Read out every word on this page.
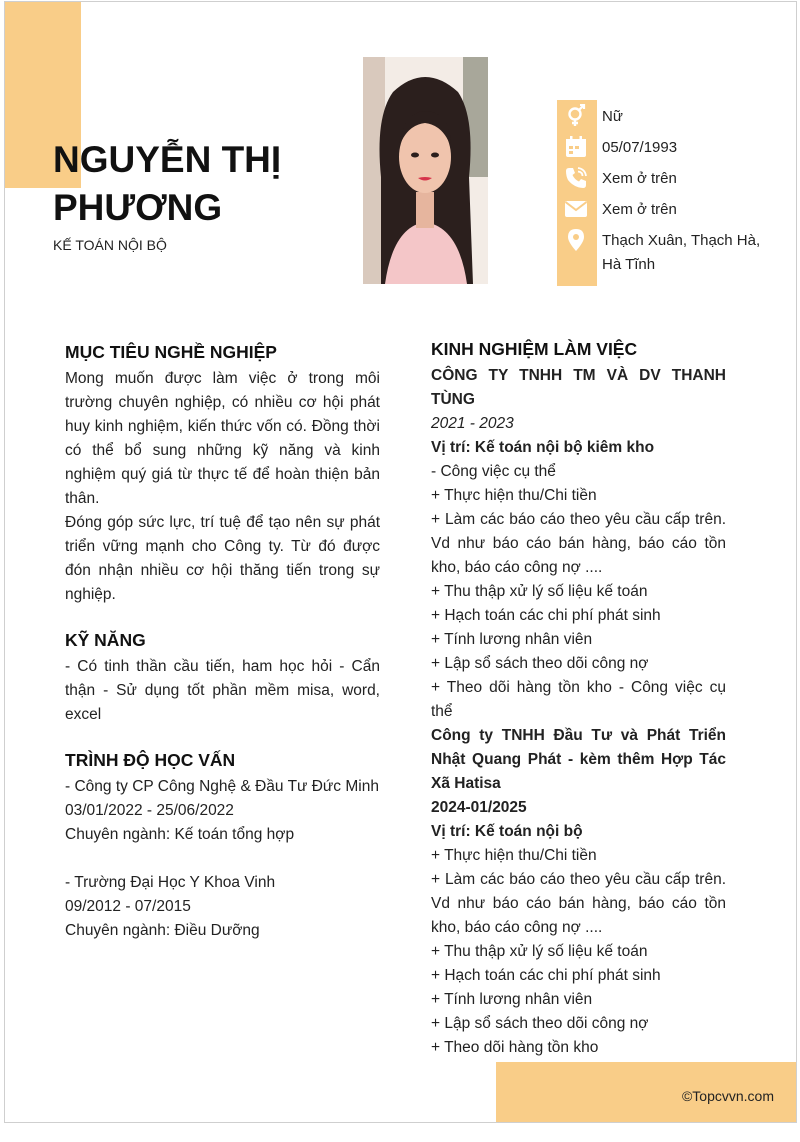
NGUYỄN THỊ PHƯƠNG
KẾ TOÁN NỘI BỘ
Nữ
05/07/1993
Xem ở trên
Xem ở trên
Thạch Xuân, Thạch Hà, Hà Tĩnh
MỤC TIÊU NGHỀ NGHIỆP

Mong muốn được làm việc ở trong môi trường chuyên nghiệp, có nhiều cơ hội phát huy kinh nghiệm, kiến thức vốn có. Đồng thời có thể bổ sung những kỹ năng và kinh nghiệm quý giá từ thực tế để hoàn thiện bản thân.

Đóng góp sức lực, trí tuệ để tạo nên sự phát triển vững mạnh cho Công ty. Từ đó được đón nhận nhiều cơ hội thăng tiến trong sự nghiệp.

KỸ NĂNG

- Có tinh thần cầu tiến, ham học hỏi - Cẩn thận - Sử dụng tốt phần mềm misa, word, excel

TRÌNH ĐỘ HỌC VẤN
- Công ty CP Công Nghệ & Đầu Tư Đức Minh
03/01/2022 - 25/06/2022
Chuyên ngành: Kế toán tổng hợp
- Trường Đại Học Y Khoa Vinh
09/2012 - 07/2015
Chuyên ngành: Điều Dưỡng
KINH NGHIỆM LÀM VIỆC

CÔNG TY TNHH TM VÀ DV THANH TÙNG

2021 - 2023
Vị trí: Kế toán nội bộ kiêm kho

- Công việc cụ thể

+ Thực hiện thu/Chi tiền

+ Làm các báo cáo theo yêu cầu cấp trên. Vd như báo cáo bán hàng, báo cáo tồn kho, báo cáo công nợ ....

+ Thu thập xử lý số liệu kế toán

+ Hạch toán các chi phí phát sinh

+ Tính lương nhân viên

+ Lập sổ sách theo dõi công nợ

+ Theo dõi hàng tồn kho - Công việc cụ thể

Công ty TNHH Đầu Tư và Phát Triển Nhật Quang Phát - kèm thêm Hợp Tác Xã Hatisa

2024-01/2025
Vị trí: Kế toán nội bộ

+ Thực hiện thu/Chi tiền

+ Làm các báo cáo theo yêu cầu cấp trên. Vd như báo cáo bán hàng, báo cáo tồn kho, báo cáo công nợ ....

+ Thu thập xử lý số liệu kế toán

+ Hạch toán các chi phí phát sinh

+ Tính lương nhân viên

+ Lập sổ sách theo dõi công nợ

+ Theo dõi hàng tồn kho

©Topcvvn.com
